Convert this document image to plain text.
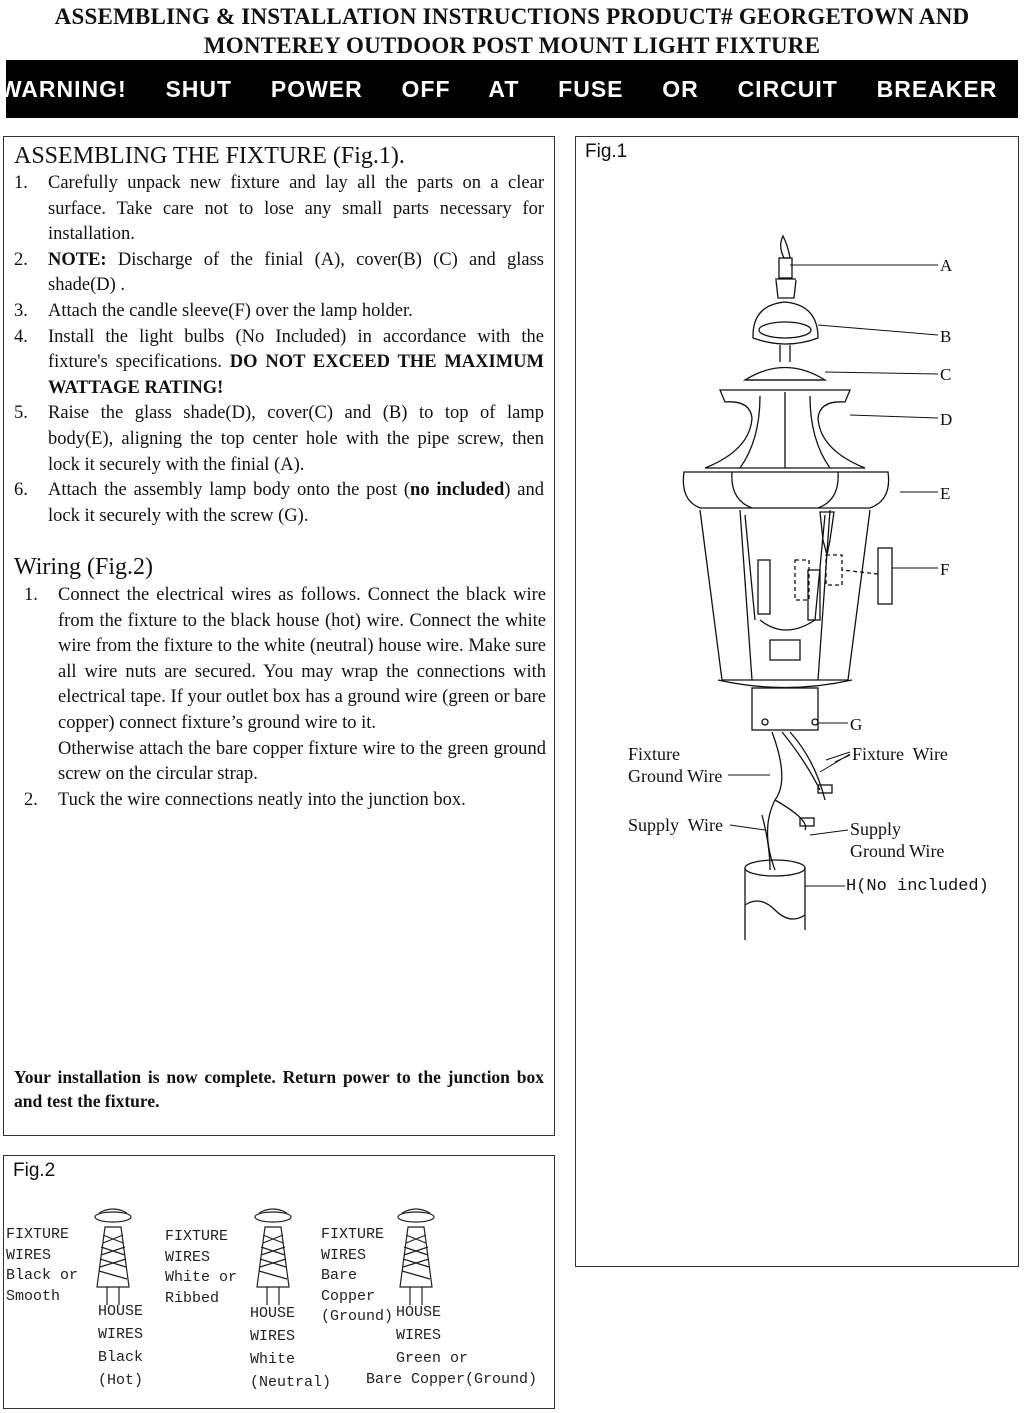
ASSEMBLING & INSTALLATION INSTRUCTIONS PRODUCT# GEORGETOWN AND
MONTEREY OUTDOOR POST MOUNT LIGHT FIXTURE
WARNING!  SHUT  POWER  OFF  AT  FUSE  OR  CIRCUIT  BREAKER .
ASSEMBLING THE FIXTURE (Fig.1).
1.	Carefully unpack new fixture and lay all the parts on a clear surface. Take care not to lose any small parts necessary for installation.
2.	NOTE: Discharge of the finial (A), cover(B) (C) and glass shade(D) .
3.	Attach the candle sleeve(F) over the lamp holder.
4.	Install the light bulbs (No Included) in accordance with the fixture's specifications. DO NOT EXCEED THE MAXIMUM WATTAGE RATING!
5.	Raise the glass shade(D), cover(C) and (B) to top of lamp body(E), aligning the top center hole with the pipe screw, then lock it securely with the finial (A).
6.	Attach the assembly lamp body onto the post (no included) and lock it securely with the screw (G).
Wiring (Fig.2)
1.	Connect the electrical wires as follows. Connect the black wire from the fixture to the black house (hot) wire. Connect the white wire from the fixture to the white (neutral) house wire. Make sure all wire nuts are secured. You may wrap the connections with electrical tape. If your outlet box has a ground wire (green or bare copper) connect fixture’s ground wire to it.
Otherwise attach the bare copper fixture wire to the green ground screw on the circular strap.
2.	Tuck the wire connections neatly into the junction box.
Your installation is now complete. Return power to the junction box and test the fixture.
Fig.1
A
B
C
D
E
F
G
Fixture
Ground Wire
Fixture  Wire
Supply  Wire	Supply
Ground Wire
H(No included)
Fig.2
FIXTURE
WIRES
Black or
Smooth
HOUSE
WIRES
Black
(Hot)
FIXTURE
WIRES
White or
Ribbed
HOUSE
WIRES
White
(Neutral)
FIXTURE
WIRES
Bare
Copper
(Ground) HOUSE
WIRES
Green or
Bare Copper(Ground)
